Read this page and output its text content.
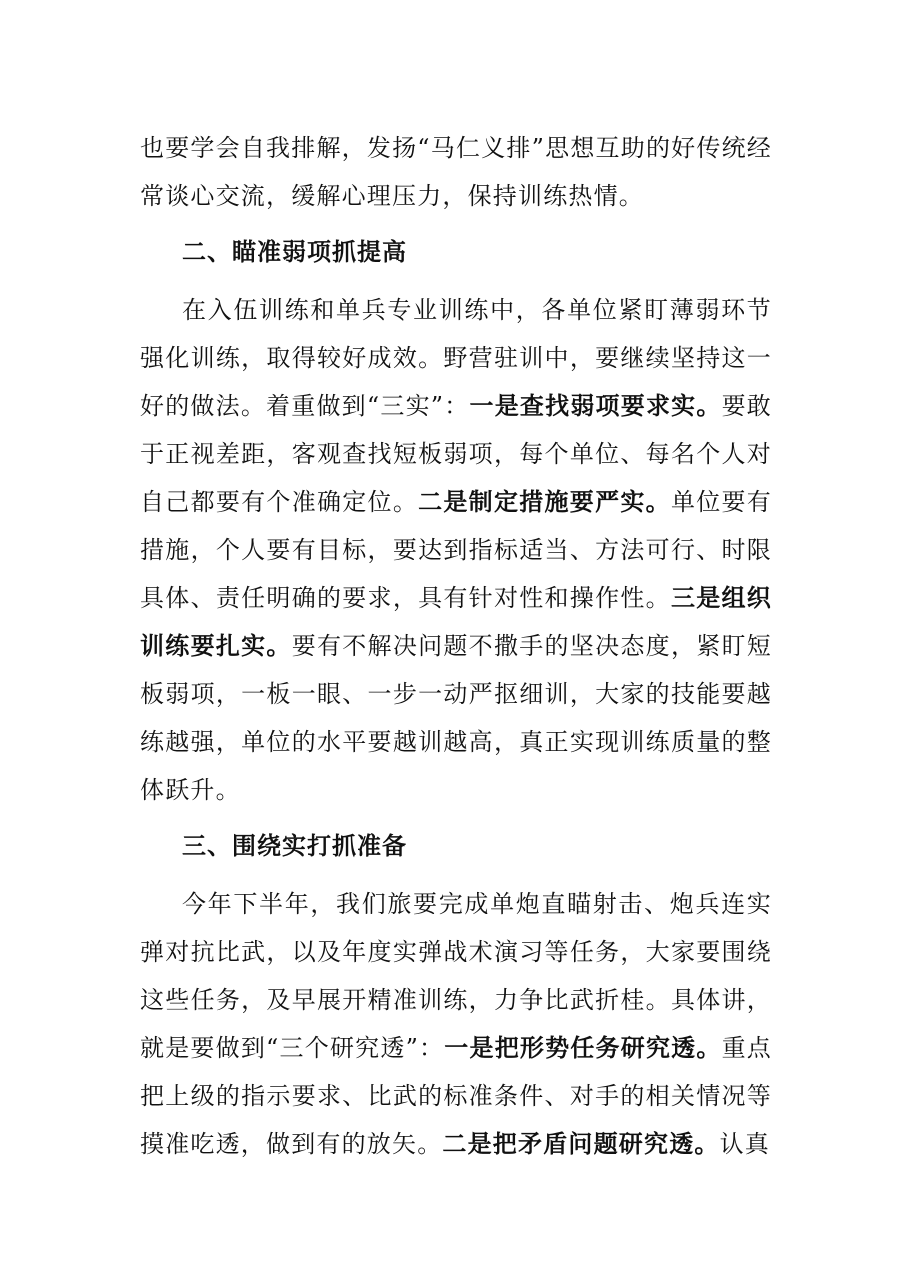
也要学会自我排解，发扬“马仁义排”思想互助的好传统经常谈心交流，缓解心理压力，保持训练热情。

二、瞄准弱项抓提高

在入伍训练和单兵专业训练中，各单位紧盯薄弱环节强化训练，取得较好成效。野营驻训中，要继续坚持这一好的做法。着重做到“三实”：一是查找弱项要求实。要敢于正视差距，客观查找短板弱项，每个单位、每名个人对自己都要有个准确定位。二是制定措施要严实。单位要有措施，个人要有目标，要达到指标适当、方法可行、时限具体、责任明确的要求，具有针对性和操作性。三是组织训练要扎实。要有不解决问题不撒手的坚决态度，紧盯短板弱项，一板一眼、一步一动严抠细训，大家的技能要越练越强，单位的水平要越训越高，真正实现训练质量的整体跃升。

三、围绕实打抓准备

今年下半年，我们旅要完成单炮直瞄射击、炮兵连实弹对抗比武，以及年度实弹战术演习等任务，大家要围绕这些任务，及早展开精准训练，力争比武折桂。具体讲，就是要做到“三个研究透”：一是把形势任务研究透。重点把上级的指示要求、比武的标准条件、对手的相关情况等摸准吃透，做到有的放矢。二是把矛盾问题研究透。认真
